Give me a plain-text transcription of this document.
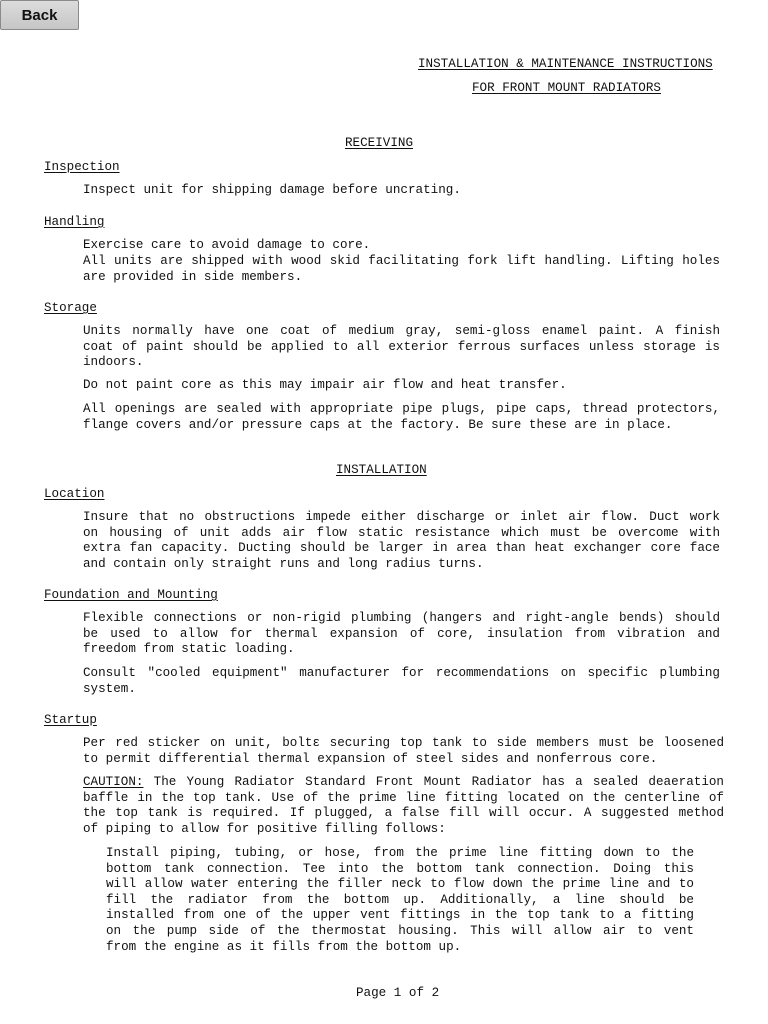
Back
INSTALLATION & MAINTENANCE INSTRUCTIONS
FOR FRONT MOUNT RADIATORS
RECEIVING
Inspection
Inspect unit for shipping damage before uncrating.
Handling
Exercise care to avoid damage to core.
All units are shipped with wood skid facilitating fork lift handling. Lifting holes
are provided in side members.
Storage
Units normally have one coat of medium gray, semi-gloss enamel paint. A finish
coat of paint should be applied to all exterior ferrous surfaces unless storage is
indoors.
Do not paint core as this may impair air flow and heat transfer.
All openings are sealed with appropriate pipe plugs, pipe caps, thread protectors,
flange covers and/or pressure caps at the factory. Be sure these are in place.
INSTALLATION
Location
Insure that no obstructions impede either discharge or inlet air flow. Duct work
on housing of unit adds air flow static resistance which must be overcome with
extra fan capacity. Ducting should be larger in area than heat exchanger core face
and contain only straight runs and long radius turns.
Foundation and Mounting
Flexible connections or non-rigid plumbing (hangers and right-angle bends) should
be used to allow for thermal expansion of core, insulation from vibration and
freedom from static loading.
Consult "cooled equipment" manufacturer for recommendations on specific plumbing
system.
Startup
Per red sticker on unit, boltε securing top tank to side members must be loosened
to permit differential thermal expansion of steel sides and nonferrous core.
CAUTION: The Young Radiator Standard Front Mount Radiator has a sealed deaeration
baffle in the top tank. Use of the prime line fitting located on the centerline of
the top tank is required. If plugged, a false fill will occur. A suggested method
of piping to allow for positive filling follows:
Install piping, tubing, or hose, from the prime line fitting down to the
bottom tank connection. Tee into the bottom tank connection. Doing this
will allow water entering the filler neck to flow down the prime line and to
fill the radiator from the bottom up. Additionally, a line should be
installed from one of the upper vent fittings in the top tank to a fitting
on the pump side of the thermostat housing. This will allow air to vent
from the engine as it fills from the bottom up.
Page 1 of 2
